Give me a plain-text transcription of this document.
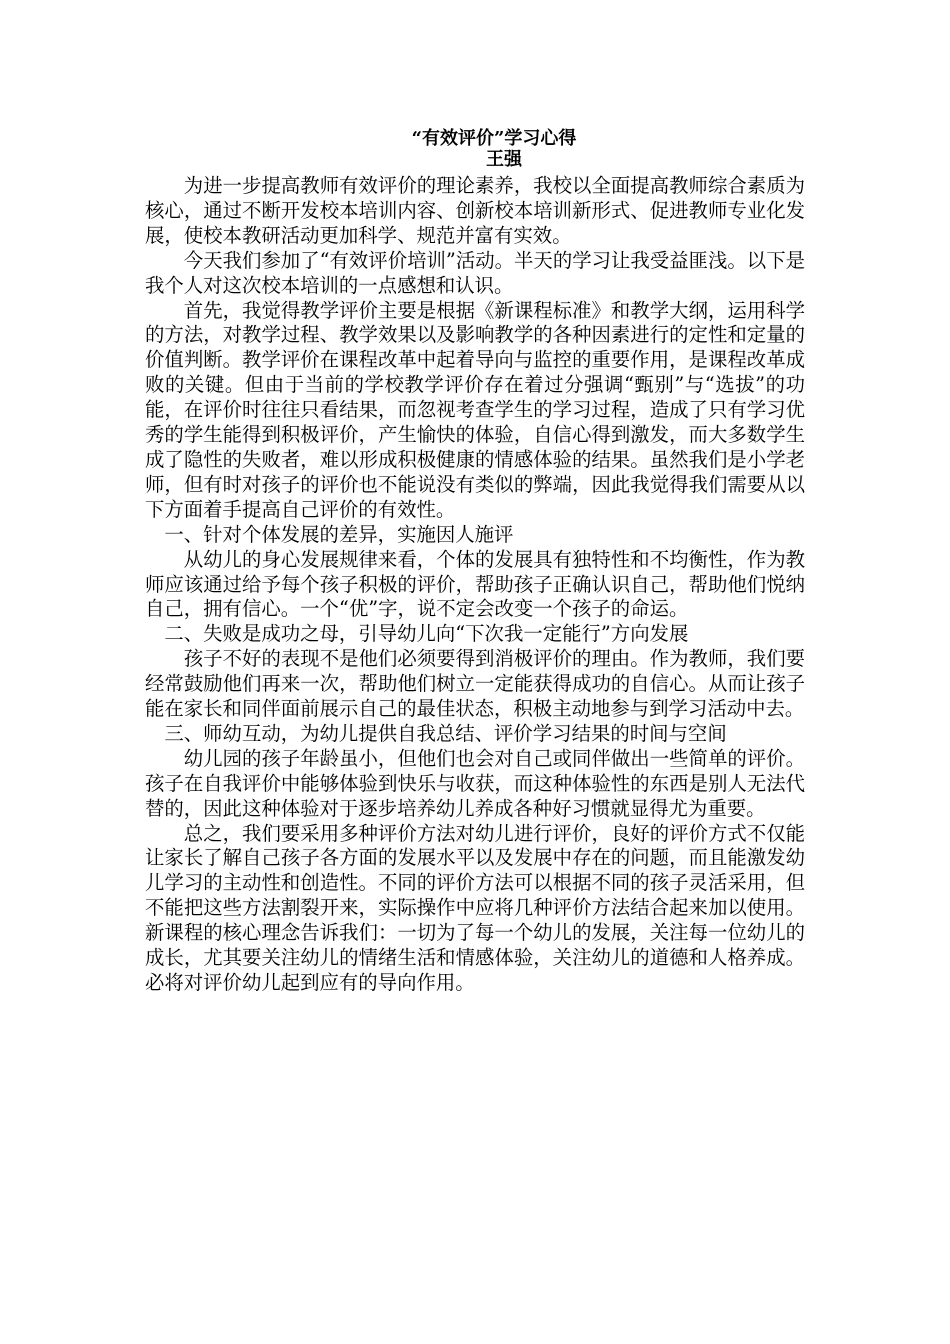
“有效评价”学习心得
王强

为进一步提高教师有效评价的理论素养，我校以全面提高教师综合素质为核心，通过不断开发校本培训内容、创新校本培训新形式、促进教师专业化发展，使校本教研活动更加科学、规范并富有实效。

今天我们参加了“有效评价培训”活动。半天的学习让我受益匪浅。以下是我个人对这次校本培训的一点感想和认识。

首先，我觉得教学评价主要是根据《新课程标准》和教学大纲，运用科学的方法，对教学过程、教学效果以及影响教学的各种因素进行的定性和定量的价值判断。教学评价在课程改革中起着导向与监控的重要作用，是课程改革成败的关键。但由于当前的学校教学评价存在着过分强调“甄别”与“选拔”的功能，在评价时往往只看结果，而忽视考查学生的学习过程，造成了只有学习优秀的学生能得到积极评价，产生愉快的体验，自信心得到激发，而大多数学生成了隐性的失败者，难以形成积极健康的情感体验的结果。虽然我们是小学老师，但有时对孩子的评价也不能说没有类似的弊端，因此我觉得我们需要从以下方面着手提高自己评价的有效性。

一、针对个体发展的差异，实施因人施评

从幼儿的身心发展规律来看，个体的发展具有独特性和不均衡性，作为教师应该通过给予每个孩子积极的评价，帮助孩子正确认识自己，帮助他们悦纳自己，拥有信心。一个“优”字，说不定会改变一个孩子的命运。

二、失败是成功之母，引导幼儿向“下次我一定能行”方向发展

孩子不好的表现不是他们必须要得到消极评价的理由。作为教师，我们要经常鼓励他们再来一次，帮助他们树立一定能获得成功的自信心。从而让孩子能在家长和同伴面前展示自己的最佳状态，积极主动地参与到学习活动中去。

三、师幼互动，为幼儿提供自我总结、评价学习结果的时间与空间

幼儿园的孩子年龄虽小，但他们也会对自己或同伴做出一些简单的评价。孩子在自我评价中能够体验到快乐与收获，而这种体验性的东西是别人无法代替的，因此这种体验对于逐步培养幼儿养成各种好习惯就显得尤为重要。

总之，我们要采用多种评价方法对幼儿进行评价，良好的评价方式不仅能让家长了解自己孩子各方面的发展水平以及发展中存在的问题，而且能激发幼儿学习的主动性和创造性。不同的评价方法可以根据不同的孩子灵活采用，但不能把这些方法割裂开来，实际操作中应将几种评价方法结合起来加以使用。新课程的核心理念告诉我们：一切为了每一个幼儿的发展，关注每一位幼儿的成长，尤其要关注幼儿的情绪生活和情感体验，关注幼儿的道德和人格养成。必将对评价幼儿起到应有的导向作用。
